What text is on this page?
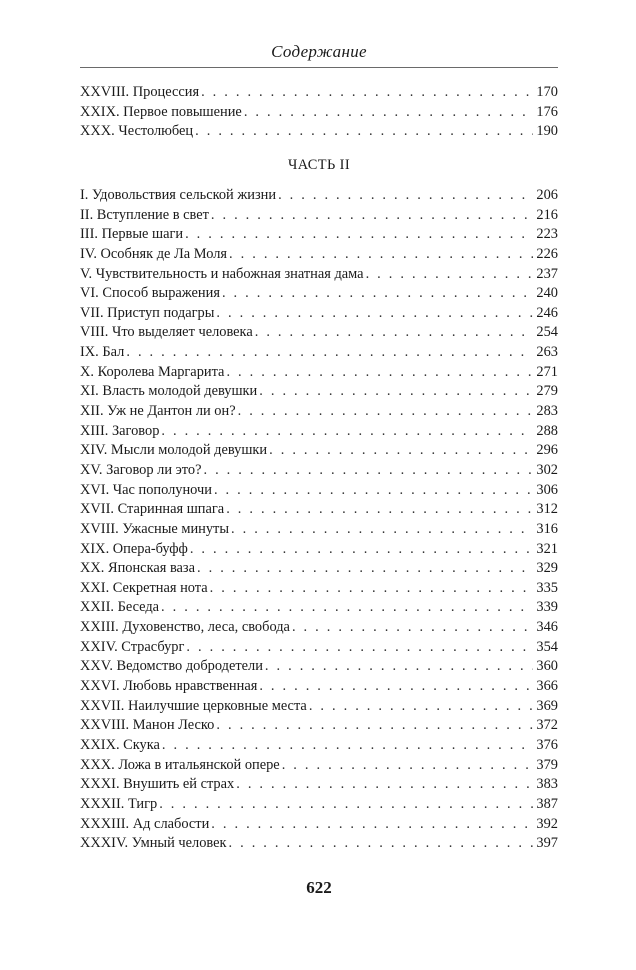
Содержание
XXVIII. Процессия . . .	170
XXIX. Первое повышение . . .	176
XXX. Честолюбец . . .	190
ЧАСТЬ II
I. Удовольствия сельской жизни . . .	206
II. Вступление в свет . . .	216
III. Первые шаги . . .	223
IV. Особняк де Ла Моля . . .	226
V. Чувствительность и набожная знатная дама . . .	237
VI. Способ выражения . . .	240
VII. Приступ подагры . . .	246
VIII. Что выделяет человека . . .	254
IX. Бал . . .	263
X. Королева Маргарита . . .	271
XI. Власть молодой девушки . . .	279
XII. Уж не Дантон ли он? . . .	283
XIII. Заговор . . .	288
XIV. Мысли молодой девушки . . .	296
XV. Заговор ли это? . . .	302
XVI. Час пополуночи . . .	306
XVII. Старинная шпага . . .	312
XVIII. Ужасные минуты . . .	316
XIX. Опера-буфф . . .	321
XX. Японская ваза . . .	329
XXI. Секретная нота . . .	335
XXII. Беседа . . .	339
XXIII. Духовенство, леса, свобода . . .	346
XXIV. Страсбург . . .	354
XXV. Ведомство добродетели . . .	360
XXVI. Любовь нравственная . . .	366
XXVII. Наилучшие церковные места . . .	369
XXVIII. Манон Леско . . .	372
XXIX. Скука . . .	376
XXX. Ложа в итальянской опере . . .	379
XXXI. Внушить ей страх . . .	383
XXXII. Тигр . . .	387
XXXIII. Ад слабости . . .	392
XXXIV. Умный человек . . .	397
622
